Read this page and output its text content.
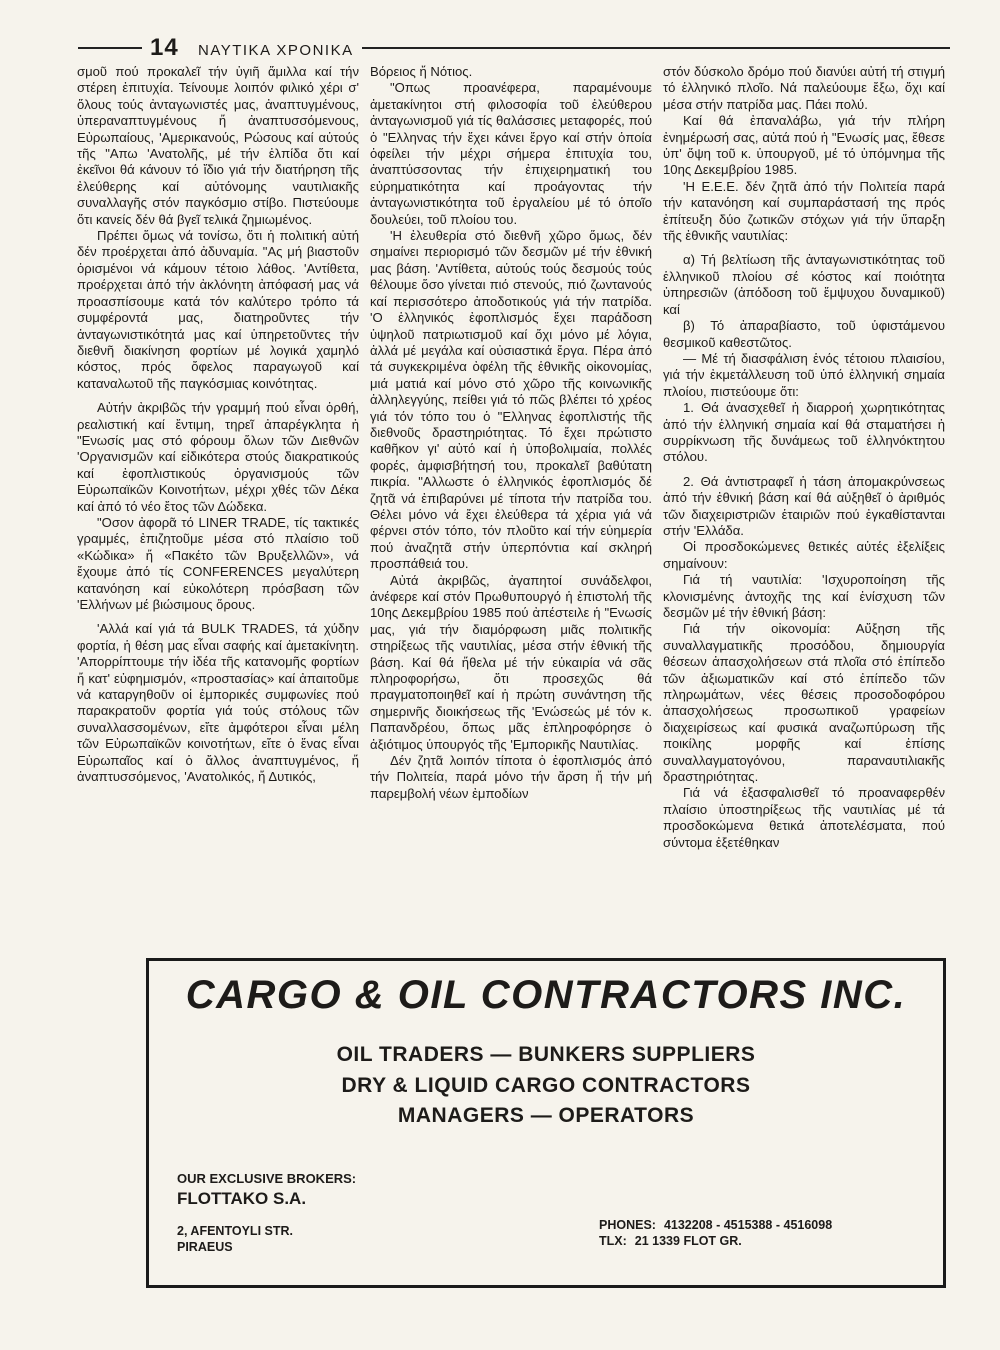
14 ΝΑΥΤΙΚΑ ΧΡΟΝΙΚΑ

σμοῦ πού προκαλεῖ τήν ὑγιῆ ἅμιλλα καί τήν στέρεη ἐπιτυχία. Τείνουμε λοιπόν φιλικό χέρι σ' ὅλους τούς ἀνταγωνιστές μας, ἀναπτυγμένους, ὑπεραναπτυγμένους ἤ ἀναπτυσσόμενους, Εὐρωπαίους, 'Αμερικανούς, Ρώσους καί αὐτούς τῆς "Απω 'Ανατολῆς, μέ τήν ἐλπίδα ὅτι καί ἐκεῖνοι θά κάνουν τό ἴδιο γιά τήν διατήρηση τῆς ἐλεύθερης καί αὐτόνομης ναυτιλιακῆς συναλλαγῆς στόν παγκόσμιο στίβο. Πιστεύουμε ὅτι κανείς δέν θά βγεῖ τελικά ζημιωμένος.

Πρέπει ὅμως νά τονίσω, ὅτι ἡ πολιτική αὐτή δέν προέρχεται ἀπό ἀδυναμία. "Ας μή βιαστοῦν ὁρισμένοι νά κάμουν τέτοιο λάθος. 'Αντίθετα, προέρχεται ἀπό τήν ἀκλόνητη ἀπόφασή μας νά προασπίσουμε κατά τόν καλύτερο τρόπο τά συμφέροντά μας, διατηροῦντες τήν ἀνταγωνιστικότητά μας καί ὑπηρετοῦντες τήν διεθνῆ διακίνηση φορτίων μέ λογικά χαμηλό κόστος, πρός ὄφελος παραγωγοῦ καί καταναλωτοῦ τῆς παγκόσμιας κοινότητας.

Αὐτήν ἀκριβῶς τήν γραμμή πού εἶναι ὀρθή, ρεαλιστική καί ἔντιμη, τηρεῖ ἀπαρέγκλητα ἡ "Ενωσίς μας στό φόρουμ ὅλων τῶν Διεθνῶν 'Οργανισμῶν καί εἰδικότερα στούς διακρατικούς καί ἐφοπλιστικούς ὀργανισμούς τῶν Εὐρωπαϊκῶν Κοινοτήτων, μέχρι χθές τῶν Δέκα καί ἀπό τό νέο ἔτος τῶν Δώδεκα.

"Οσον ἀφορᾶ τό LINER TRADE, τίς τακτικές γραμμές, ἐπιζητοῦμε μέσα στό πλαίσιο τοῦ «Κώδικα» ἤ «Πακέτο τῶν Βρυξελλῶν», νά ἔχουμε ἀπό τίς CONFERENCES μεγαλύτερη κατανόηση καί εὐκολότερη πρόσβαση τῶν 'Ελλήνων μέ βιώσιμους ὅρους.

'Αλλά καί γιά τά BULK TRADES, τά χύδην φορτία, ἡ θέση μας εἶναι σαφής καί ἀμετακίνητη. 'Απορρίπτουμε τήν ἰδέα τῆς κατανομῆς φορτίων ἤ κατ' εὐφημισμόν, «προστασίας» καί ἀπαιτοῦμε νά καταργηθοῦν οἱ ἐμπορικές συμφωνίες πού παρακρατοῦν φορτία γιά τούς στόλους τῶν συναλλασσομένων, εἴτε ἀμφότεροι εἶναι μέλη τῶν Εὐρωπαϊκῶν κοινοτήτων, εἴτε ὁ ἕνας εἶναι Εὐρωπαῖος καί ὁ ἄλλος ἀναπτυγμένος, ἤ ἀναπτυσσόμενος, 'Ανατολικός, ἤ Δυτικός,

Βόρειος ἤ Νότιος.

"Οπως προανέφερα, παραμένουμε ἀμετακίνητοι στή φιλοσοφία τοῦ ἐλεύθερου ἀνταγωνισμοῦ γιά τίς θαλάσσιες μεταφορές, πού ὁ "Ελληνας τήν ἔχει κάνει ἔργο καί στήν ὁποία ὀφείλει τήν μέχρι σήμερα ἐπιτυχία του, ἀναπτύσσοντας τήν ἐπιχειρηματική του εὐρηματικότητα καί προάγοντας τήν ἀνταγωνιστικότητα τοῦ ἐργαλείου μέ τό ὁποῖο δουλεύει, τοῦ πλοίου του.

'Η ἐλευθερία στό διεθνῆ χῶρο ὅμως, δέν σημαίνει περιορισμό τῶν δεσμῶν μέ τήν ἐθνική μας βάση. 'Αντίθετα, αὐτούς τούς δεσμούς τούς θέλουμε ὅσο γίνεται πιό στενούς, πιό ζωντανούς καί περισσότερο ἀποδοτικούς γιά τήν πατρίδα. 'Ο ἑλληνικός ἐφοπλισμός ἔχει παράδοση ὑψηλοῦ πατριωτισμοῦ καί ὄχι μόνο μέ λόγια, ἀλλά μέ μεγάλα καί οὐσιαστικά ἔργα. Πέρα ἀπό τά συγκεκριμένα ὀφέλη τῆς ἑθνικῆς οἰκονομίας, μιά ματιά καί μόνο στό χῶρο τῆς κοινωνικῆς ἀλληλεγγύης, πείθει γιά τό πῶς βλέπει τό χρέος γιά τόν τόπο του ὁ "Ελληνας ἐφοπλιστής τῆς διεθνοῦς δραστηριότητας. Τό ἔχει πρώτιστο καθῆκον γι' αὐτό καί ἡ ὑποβολιμαία, πολλές φορές, ἀμφισβήτησή του, προκαλεῖ βαθύτατη πικρία. "Αλλωστε ὁ ἑλληνικός ἐφοπλισμός δέ ζητᾶ νά ἐπιβαρύνει μέ τίποτα τήν πατρίδα του. Θέλει μόνο νά ἔχει ἐλεύθερα τά χέρια γιά νά φέρνει στόν τόπο, τόν πλοῦτο καί τήν εὐημερία πού ἀναζητᾶ στήν ὑπερπόντια καί σκληρή προσπάθειά του.

Αὐτά ἀκριβῶς, ἀγαπητοί συνάδελφοι, ἀνέφερε καί στόν Πρωθυπουργό ἡ ἐπιστολή τῆς 10ης Δεκεμβρίου 1985 πού ἀπέστειλε ἡ "Ενωσίς μας, γιά τήν διαμόρφωση μιᾶς πολιτικῆς στηρίξεως τῆς ναυτιλίας, μέσα στήν ἐθνική τῆς βάση. Καί θά ἤθελα μέ τήν εὐκαιρία νά σᾶς πληροφορήσω, ὅτι προσεχῶς θά πραγματοποιηθεῖ καί ἡ πρώτη συνάντηση τῆς σημερινῆς διοικήσεως τῆς 'Ενώσεώς μέ τόν κ. Παπανδρέου, ὅπως μᾶς ἐπληροφόρησε ὁ ἀξιότιμος ὑπουργός τῆς 'Εμπορικῆς Ναυτιλίας.

Δέν ζητᾶ λοιπόν τίποτα ὁ ἐφοπλισμός ἀπό τήν Πολιτεία, παρά μόνο τήν ἄρση ἤ τήν μή παρεμβολή νέων ἐμποδίων

στόν δύσκολο δρόμο πού διανύει αὐτή τή στιγμή τό ἑλληνικό πλοῖο. Νά παλεύουμε ἔξω, ὄχι καί μέσα στήν πατρίδα μας. Πάει πολύ.

Καί θά ἐπαναλάβω, γιά τήν πλήρη ἐνημέρωσή σας, αὐτά πού ἡ "Ενωσίς μας, ἔθεσε ὑπ' ὄψη τοῦ κ. ὑπουργοῦ, μέ τό ὑπόμνημα τῆς 10ης Δεκεμβρίου 1985.

'Η Ε.Ε.Ε. δέν ζητᾶ ἀπό τήν Πολιτεία παρά τήν κατανόηση καί συμπαράστασή της πρός ἐπίτευξη δύο ζωτικῶν στόχων γιά τήν ὕπαρξη τῆς ἐθνικῆς ναυτιλίας:

α) Τή βελτίωση τῆς ἀνταγωνιστικότητας τοῦ ἑλληνικοῦ πλοίου σέ κόστος καί ποιότητα ὑπηρεσιῶν (ἀπόδοση τοῦ ἔμψυχου δυναμικοῦ) καί

β) Τό ἀπαραβίαστο, τοῦ ὑφιστάμενου θεσμικοῦ καθεστῶτος.

— Μέ τή διασφάλιση ἑνός τέτοιου πλαισίου, γιά τήν ἐκμετάλλευση τοῦ ὑπό ἑλληνική σημαία πλοίου, πιστεύουμε ὅτι:

1. Θά ἀνασχεθεῖ ἡ διαρροή χωρητικότητας ἀπό τήν ἑλληνική σημαία καί θά σταματήσει ἡ συρρίκνωση τῆς δυνάμεως τοῦ ἑλληνόκτητου στόλου.

2. Θά ἀντιστραφεῖ ἡ τάση ἀπομακρύνσεως ἀπό τήν ἐθνική βάση καί θά αὐξηθεῖ ὁ ἀριθμός τῶν διαχειριστριῶν ἑταιριῶν πού ἐγκαθίστανται στήν 'Ελλάδα.

Οἱ προσδοκώμενες θετικές αὐτές ἐξελίξεις σημαίνουν:

Γιά τή ναυτιλία: 'Ισχυροποίηση τῆς κλονισμένης ἀντοχῆς της καί ἐνίσχυση τῶν δεσμῶν μέ τήν ἐθνική βάση:

Γιά τήν οἰκονομία: Αὔξηση τῆς συναλλαγματικῆς προσόδου, δημιουργία θέσεων ἀπασχολήσεων στά πλοῖα στό ἐπίπεδο τῶν ἀξιωματικῶν καί στό ἐπίπεδο τῶν πληρωμάτων, νέες θέσεις προσοδοφόρου ἀπασχολήσεως προσωπικοῦ γραφείων διαχειρίσεως καί φυσικά αναζωπύρωση τῆς ποικίλης μορφῆς καί ἐπίσης συναλλαγματογόνου, παραναυτιλιακῆς δραστηριότητας.

Γιά νά ἐξασφαλισθεῖ τό προαναφερθέν πλαίσιο ὑποστηρίξεως τῆς ναυτιλίας μέ τά προσδοκώμενα θετικά ἀποτελέσματα, πού σύντομα ἐξετέθηκαν

CARGO & OIL CONTRACTORS INC.
OIL TRADERS — BUNKERS SUPPLIERS
DRY & LIQUID CARGO CONTRACTORS
MANAGERS — OPERATORS
OUR EXCLUSIVE BROKERS:
FLOTTAKO S.A.
2, AFENTOYLI STR.
PIRAEUS
PHONES: 4132208 - 4515388 - 4516098
TLX: 21 1339 FLOT GR.
